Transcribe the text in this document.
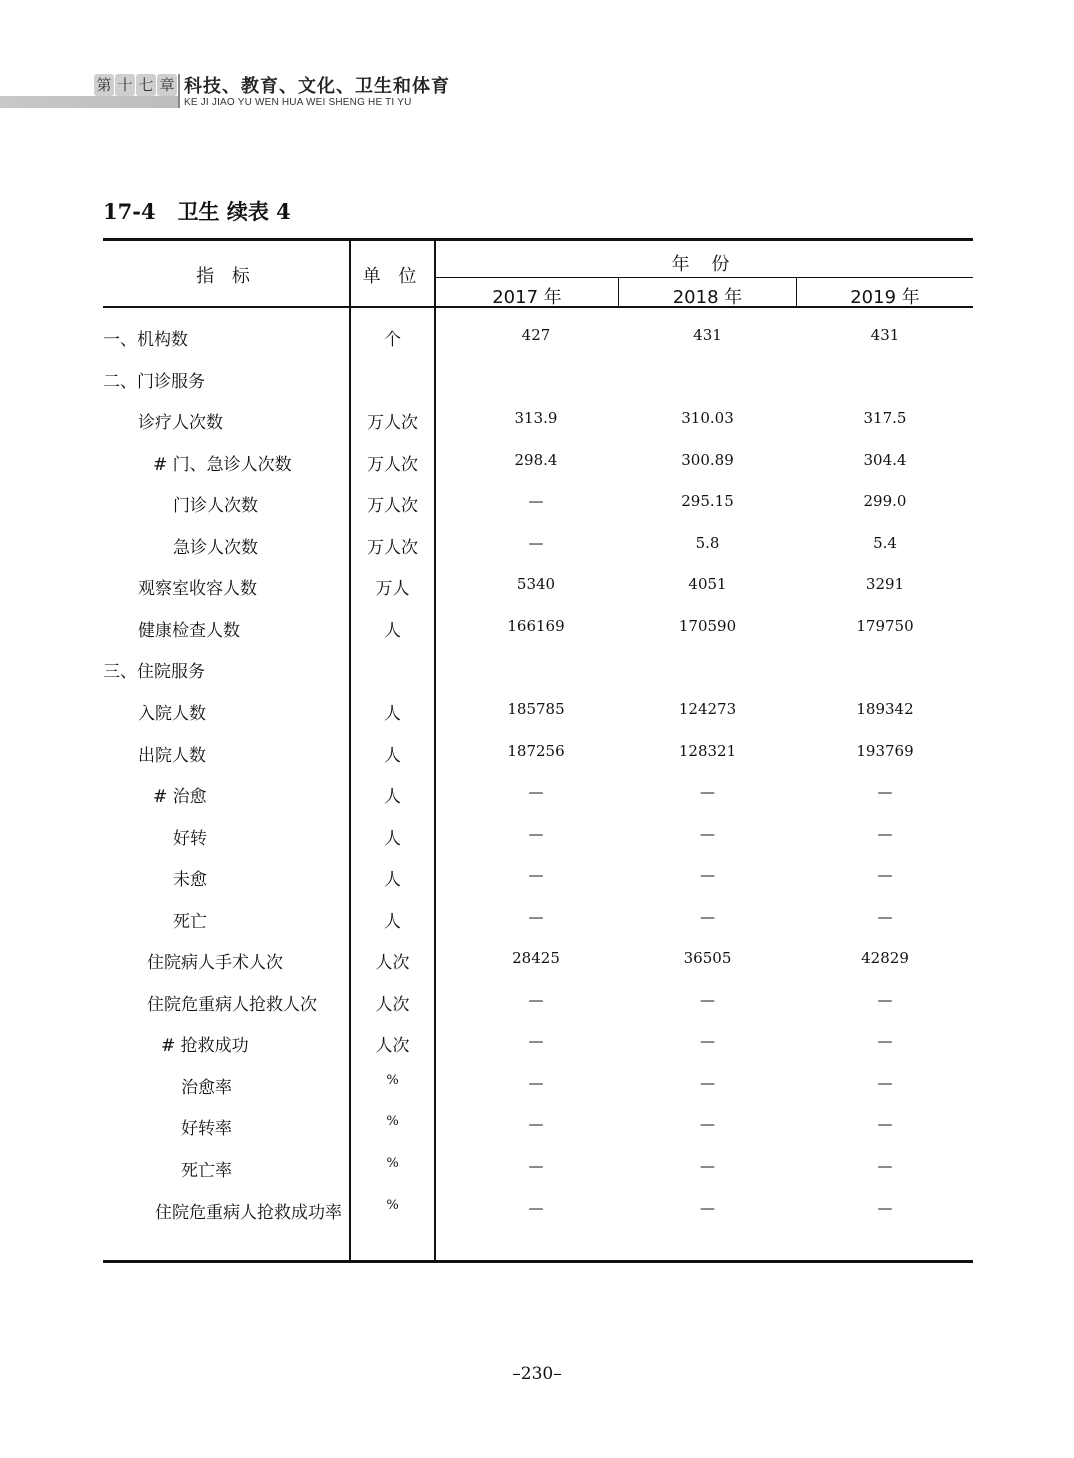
第 十 七 章 科技、教育、文化、卫生和体育
KE JI JIAO YU WEN HUA WEI SHENG HE TI YU
17-4 卫生 续表 4
指 标	单 位
年 份
2017 年	2018 年	2019 年
一、机构数	个	427	431	431
二、门诊服务
诊疗人次数	万人次	313.9	310.03	317.5
# 门、急诊人次数	万人次	298.4	300.89	304.4
门诊人次数	万人次	—	295.15	299.0
急诊人次数	万人次	—	5.8	5.4
观察室收容人数	万人	5340	4051	3291
健康检查人数	人	166169	170590	179750
三、住院服务
入院人数	人	185785	124273	189342
出院人数	人	187256	128321	193769
# 治愈	人	—	—	—
好转	人	—	—	—
未愈	人	—	—	—
死亡	人	—	—	—
住院病人手术人次	人次	28425	36505	42829
住院危重病人抢救人次	人次	—	—	—
# 抢救成功	人次	—	—	—
治愈率	%	—	—	—
好转率	%	—	—	—
死亡率	%	—	—	—
住院危重病人抢救成功率	%	—	—	—
–230–
